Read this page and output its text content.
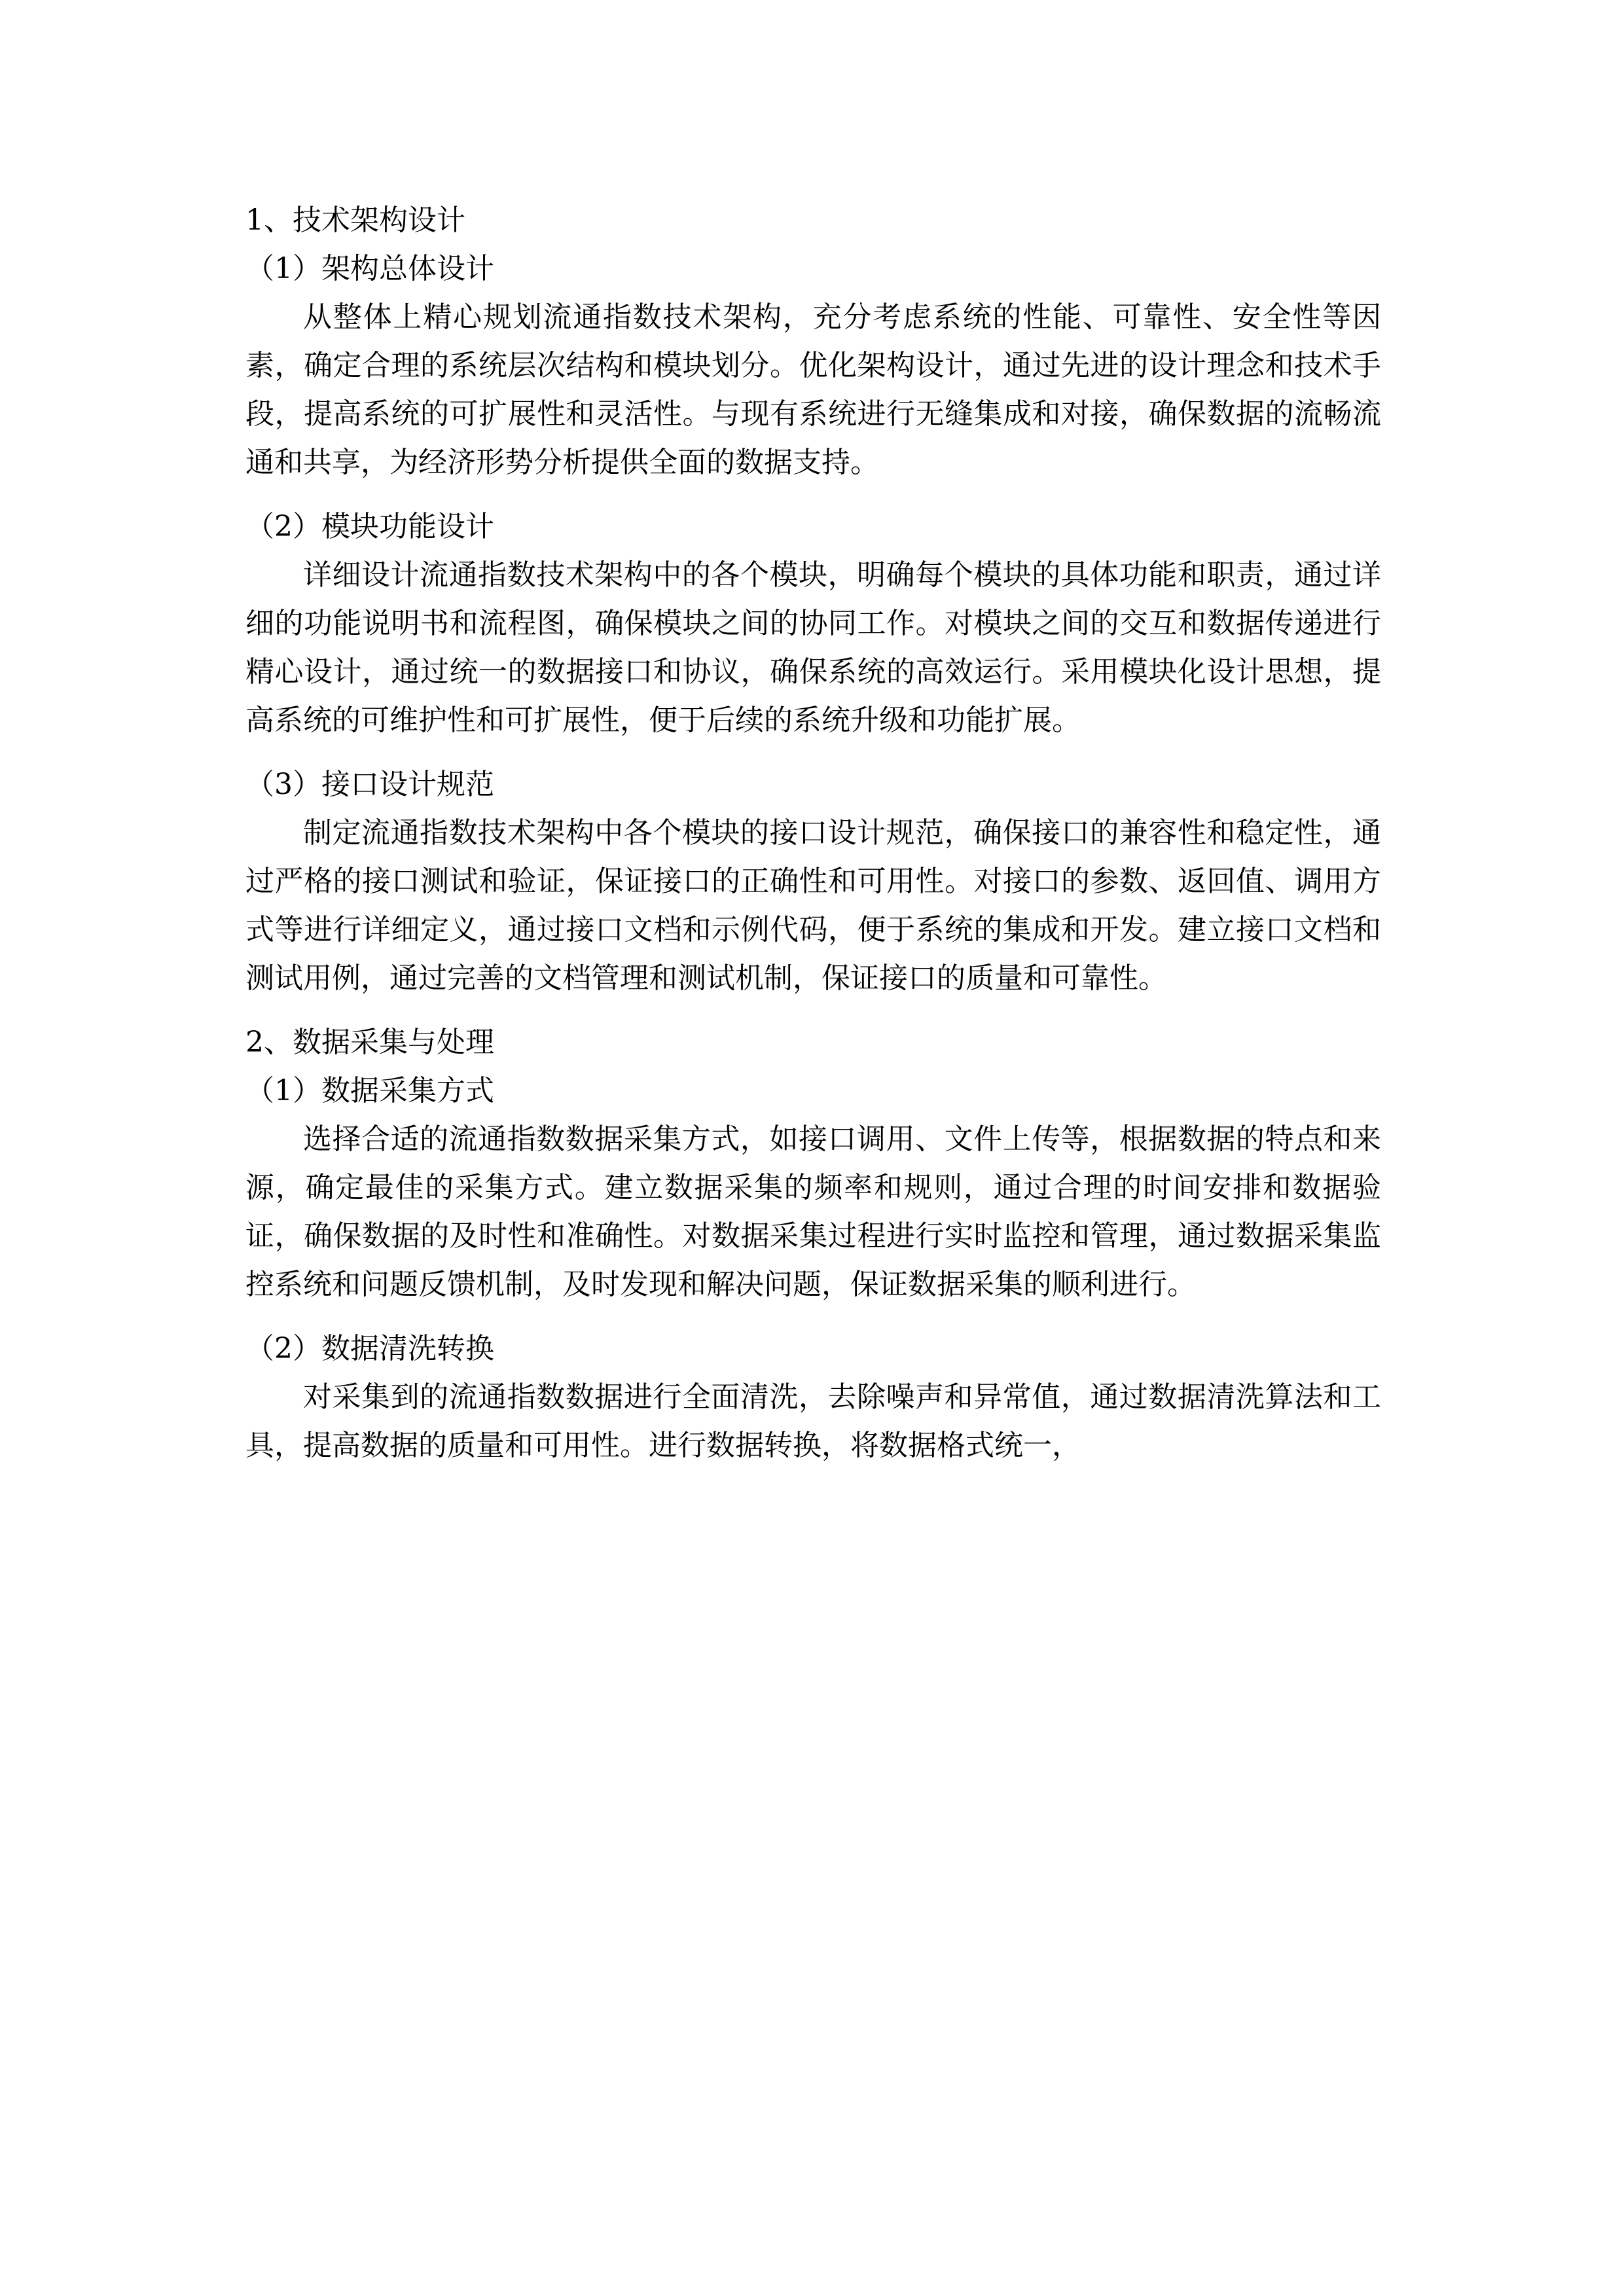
1、技术架构设计
（1）架构总体设计

从整体上精心规划流通指数技术架构，充分考虑系统的性能、可靠性、安全性等因素，确定合理的系统层次结构和模块划分。优化架构设计，通过先进的设计理念和技术手段，提高系统的可扩展性和灵活性。与现有系统进行无缝集成和对接，确保数据的流畅流通和共享，为经济形势分析提供全面的数据支持。

（2）模块功能设计

详细设计流通指数技术架构中的各个模块，明确每个模块的具体功能和职责，通过详细的功能说明书和流程图，确保模块之间的协同工作。对模块之间的交互和数据传递进行精心设计，通过统一的数据接口和协议，确保系统的高效运行。采用模块化设计思想，提高系统的可维护性和可扩展性，便于后续的系统升级和功能扩展。

（3）接口设计规范

制定流通指数技术架构中各个模块的接口设计规范，确保接口的兼容性和稳定性，通过严格的接口测试和验证，保证接口的正确性和可用性。对接口的参数、返回值、调用方式等进行详细定义，通过接口文档和示例代码，便于系统的集成和开发。建立接口文档和测试用例，通过完善的文档管理和测试机制，保证接口的质量和可靠性。

2、数据采集与处理
（1）数据采集方式

选择合适的流通指数数据采集方式，如接口调用、文件上传等，根据数据的特点和来源，确定最佳的采集方式。建立数据采集的频率和规则，通过合理的时间安排和数据验证，确保数据的及时性和准确性。对数据采集过程进行实时监控和管理，通过数据采集监控系统和问题反馈机制，及时发现和解决问题，保证数据采集的顺利进行。

（2）数据清洗转换

对采集到的流通指数数据进行全面清洗，去除噪声和异常值，通过数据清洗算法和工具，提高数据的质量和可用性。进行数据转换，将数据格式统一，
